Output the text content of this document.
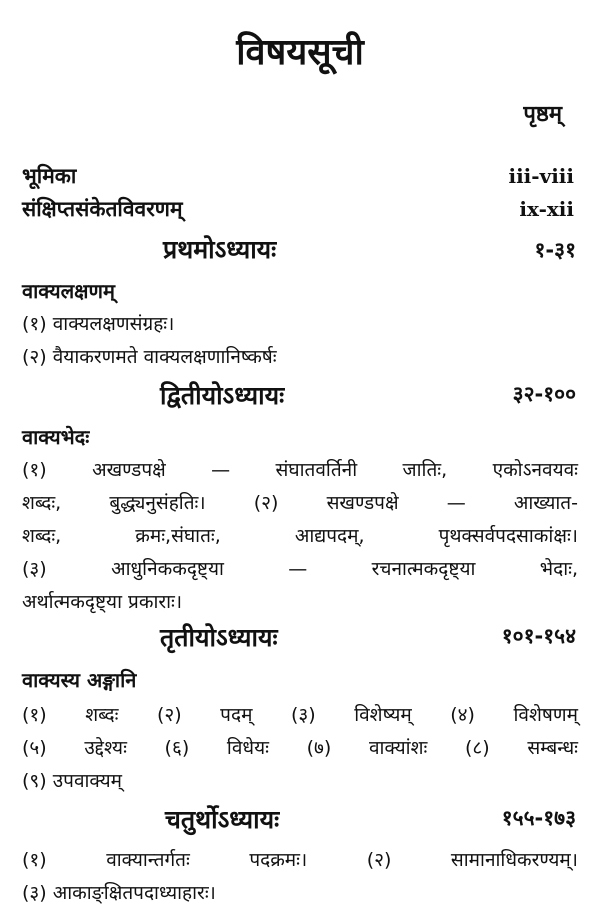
विषयसूची
पृष्ठम्
भूमिका	iii-viii
संक्षिप्तसंकेतविवरणम्	ix-xii
प्रथमोऽध्यायः	१-३१
वाक्यलक्षणम्
(१) वाक्यलक्षणसंग्रहः।
(२) वैयाकरणमते वाक्यलक्षणानिष्कर्षः
द्वितीयोऽध्यायः	३२-१००
वाक्यभेदः
(१) अखण्डपक्षे — संघातवर्तिनी जातिः, एकोऽनवयवः
शब्दः, बुद्ध्यनुसंहतिः। (२) सखण्डपक्षे — आख्यात-
शब्दः, क्रमः,संघातः, आद्यपदम्, पृथक्सर्वपदसाकांक्षः।
(३) आधुनिककदृष्ट्या — रचनात्मकदृष्ट्या भेदाः,
अर्थात्मकदृष्ट्या प्रकाराः।
तृतीयोऽध्यायः	१०१-१५४
वाक्यस्य अङ्गानि
(१) शब्दः (२) पदम् (३) विशेष्यम् (४) विशेषणम्
(५) उद्देश्यः (६) विधेयः (७) वाक्यांशः (८) सम्बन्धः
(९) उपवाक्यम्
चतुर्थोऽध्यायः	१५५-१७३
(१) वाक्यान्तर्गतः पदक्रमः। (२) सामानाधिकरण्यम्।
(३) आकाङ्क्षितपदाध्याहारः।
